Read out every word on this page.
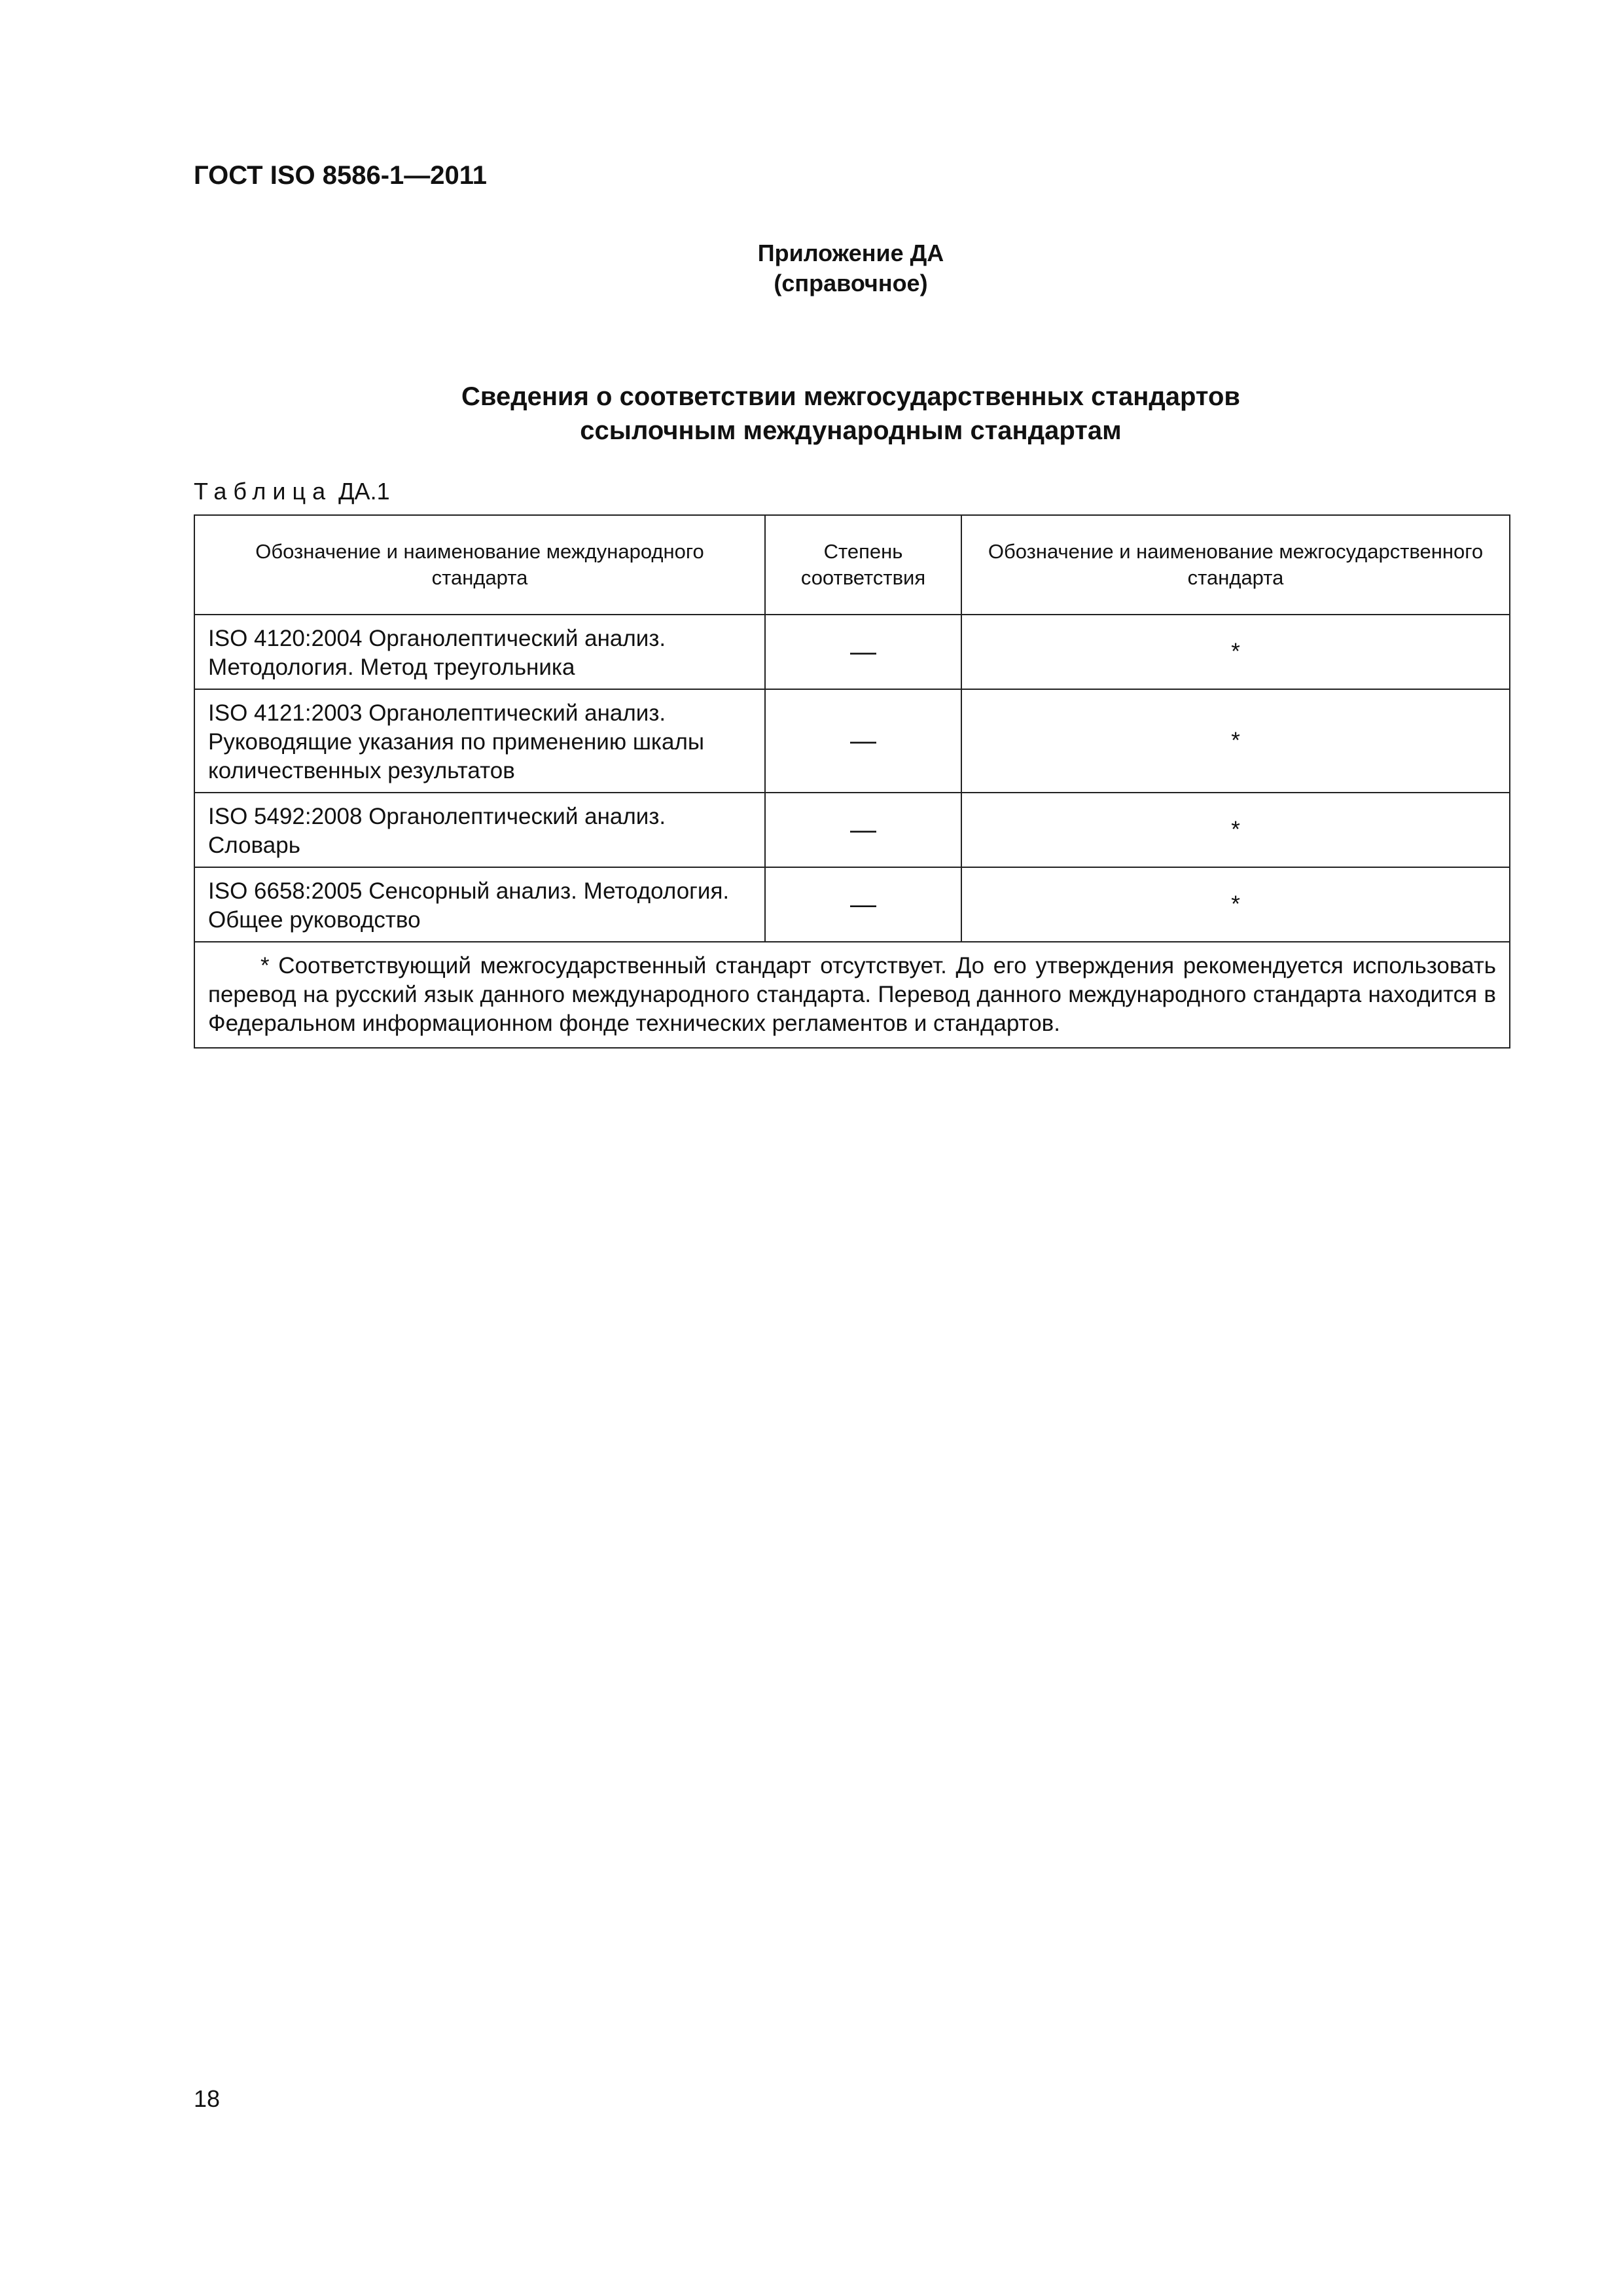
ГОСТ ISO 8586-1—2011
Приложение ДА
(справочное)
Сведения о соответствии межгосударственных стандартов
ссылочным международным стандартам
Таблица ДА.1
Обозначение и наименование международного стандарта	Степень соответствия	Обозначение и наименование межгосударственного стандарта
ISO 4120:2004 Органолептический анализ. Методология. Метод треугольника	—	*
ISO 4121:2003 Органолептический анализ. Руководящие указания по применению шкалы количественных результатов	—	*
ISO 5492:2008 Органолептический анализ. Словарь	—	*
ISO 6658:2005 Сенсорный анализ. Методология. Общее руководство	—	*
* Соответствующий межгосударственный стандарт отсутствует. До его утверждения рекомендуется использовать перевод на русский язык данного международного стандарта. Перевод данного международного стандарта находится в Федеральном информационном фонде технических регламентов и стандартов.		
18
